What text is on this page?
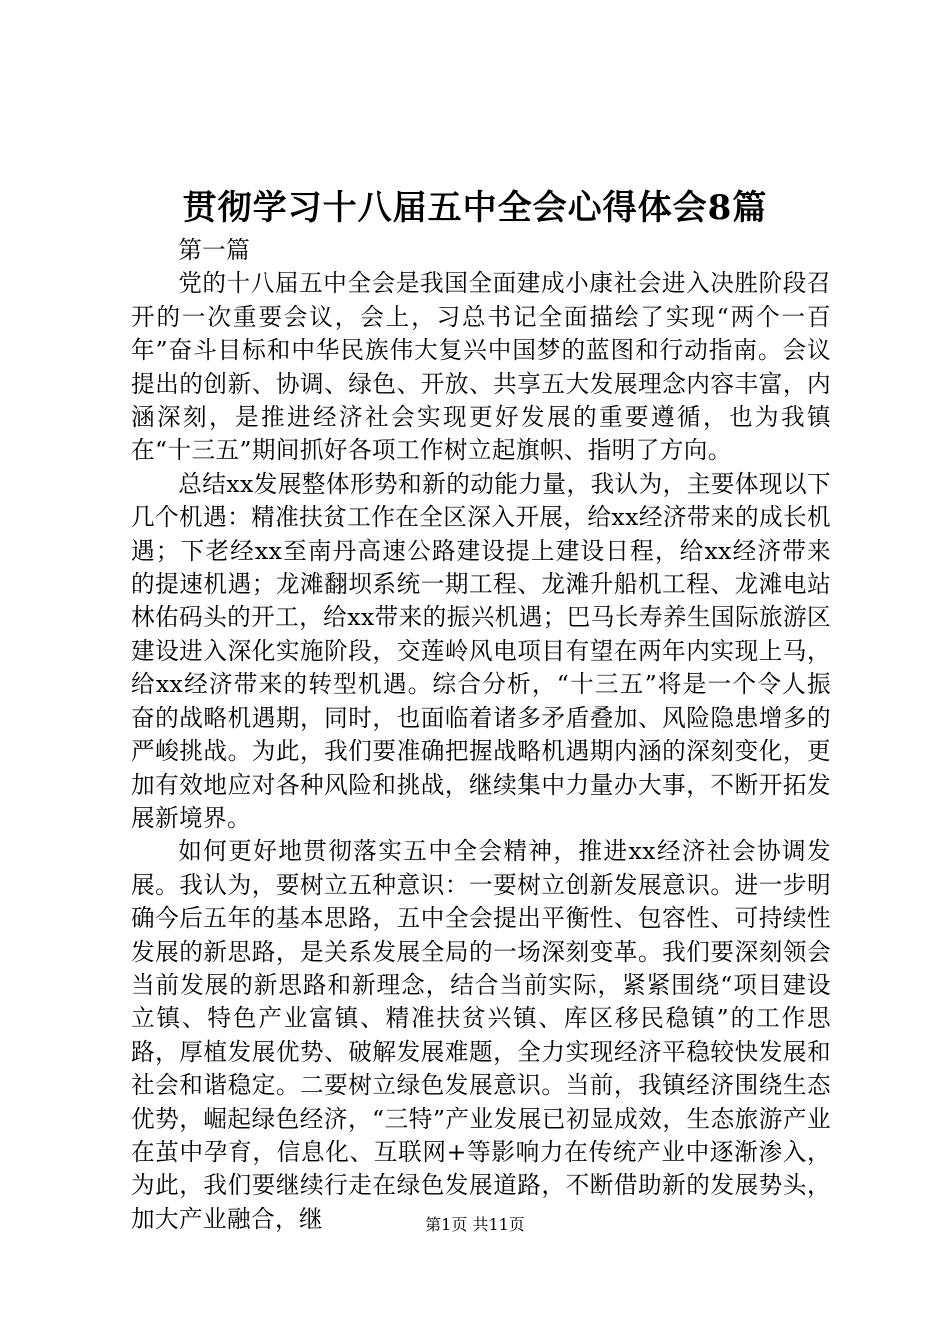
贯彻学习十八届五中全会心得体会8篇

第一篇

党的十八届五中全会是我国全面建成小康社会进入决胜阶段召开的一次重要会议，会上，习总书记全面描绘了实现“两个一百年”奋斗目标和中华民族伟大复兴中国梦的蓝图和行动指南。会议提出的创新、协调、绿色、开放、共享五大发展理念内容丰富，内涵深刻，是推进经济社会实现更好发展的重要遵循，也为我镇在“十三五”期间抓好各项工作树立起旗帜、指明了方向。

总结xx发展整体形势和新的动能力量，我认为，主要体现以下几个机遇：精准扶贫工作在全区深入开展，给xx经济带来的成长机遇；下老经xx至南丹高速公路建设提上建设日程，给xx经济带来的提速机遇；龙滩翻坝系统一期工程、龙滩升船机工程、龙滩电站林佑码头的开工，给xx带来的振兴机遇；巴马长寿养生国际旅游区建设进入深化实施阶段，交莲岭风电项目有望在两年内实现上马，给xx经济带来的转型机遇。综合分析，“十三五”将是一个令人振奋的战略机遇期，同时，也面临着诸多矛盾叠加、风险隐患增多的严峻挑战。为此，我们要准确把握战略机遇期内涵的深刻变化，更加有效地应对各种风险和挑战，继续集中力量办大事，不断开拓发展新境界。

如何更好地贯彻落实五中全会精神，推进xx经济社会协调发展。我认为，要树立五种意识：一要树立创新发展意识。进一步明确今后五年的基本思路，五中全会提出平衡性、包容性、可持续性发展的新思路，是关系发展全局的一场深刻变革。我们要深刻领会当前发展的新思路和新理念，结合当前实际，紧紧围绕“项目建设立镇、特色产业富镇、精准扶贫兴镇、库区移民稳镇”的工作思路，厚植发展优势、破解发展难题，全力实现经济平稳较快发展和社会和谐稳定。二要树立绿色发展意识。当前，我镇经济围绕生态优势，崛起绿色经济，“三特”产业发展已初显成效，生态旅游产业在茧中孕育，信息化、互联网+等影响力在传统产业中逐渐渗入，为此，我们要继续行走在绿色发展道路，不断借助新的发展势头，加大产业融合，继	第1页 共11页
